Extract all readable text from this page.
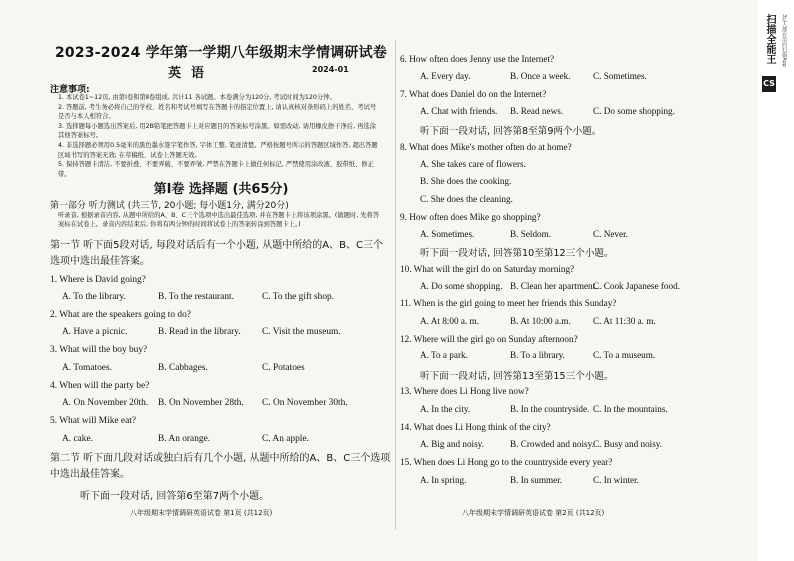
2023-2024 学年第一学期八年级期末学情调研试卷
英语	2024-01
注意事项:
1. 本试卷1~12页, 由第Ⅰ卷和第Ⅱ卷组成, 共计11 各试题。本卷满分为120分, 考试时间为120分钟。
2. 答题前, 考生务必将自己的学校、姓名和考试号填写在答题卡的指定位置上, 请认真核对条形码上的姓名、考试号是否与本人相符合。
3. 选择题每小题选出答案后, 用2B铅笔把答题卡上对应题目的答案标号涂黑。如需改动, 请用橡皮擦干净后, 再选涂其他答案标号。
4. 非选择题必须用0.5毫米的黑色墨水签字笔作答, 字体工整, 笔迹清楚。严格按题号所示的答题区域作答, 超出答题区域书写的答案无效; 在草稿纸、试卷上答题无效。
5. 保持答题卡清洁, 不要折叠、不要弄破、不要弄皱, 严禁在答题卡上做任何标记, 严禁使用涂改液、胶带纸、修正带。
第Ⅰ卷 选择题 (共65分)
第一部分 听力测试 (共三节, 20小题; 每小题1分, 满分20分)
听录音, 根据录音内容, 从题中所给的A、B、C三个选项中选出最佳选项, 并在答题卡上将该项涂黑。(做题时, 先将答案标在试卷上。录音内容结束后, 你将有两分钟的时间将试卷上的答案转涂到答题卡上。)
第一节 听下面5段对话, 每段对话后有一个小题, 从题中所给的A、B、C三个选项中选出最佳答案。
1. Where is David going?
A. To the library.	B. To the restaurant.	C. To the gift shop.
2. What are the speakers going to do?
A. Have a picnic.	B. Read in the library. C. Visit the museum.
3. What will the boy buy?
A. Tomatoes.	B. Cabbages.	C. Potatoes
4. When will the party be?
A. On November 20th. B. On November 28th. C. On November 30th.
5. What will Mike eat?
A. cake.	B. An orange.	C. An apple.
第二节 听下面几段对话或独白后有几个小题, 从题中所给的A、B、C三个选项中选出最佳答案。
听下面一段对话, 回答第6至第7两个小题。
八年级期末学情调研英语试卷 第1页 (共12页)
6. How often does Jenny use the Internet?
A. Every day.	B. Once a week. C. Sometimes.
7. What does Daniel do on the Internet?
A. Chat with friends. B. Read news.	C. Do some shopping.
听下面一段对话, 回答第8至第9两个小题。
8. What does Mike's mother often do at home?
A. She takes care of flowers.
B. She does the cooking.
C. She does the cleaning.
9. How often does Mike go shopping?
A. Sometimes.	B. Seldom.	C. Never.
听下面一段对话, 回答第10至第12三个小题。
10. What will the girl do on Saturday morning?
A. Do some shopping. B. Clean her apartment.
C. Cook Japanese food.
11. When is the girl going to meet her friends this Sunday?
A. At 8:00 a. m.	B. At 10:00 a.m. C. At 11:30 a. m.
12. Where will the girl go on Sunday afternoon?
A. To a park.	B. To a library.	C. To a museum.
听下面一段对话, 回答第13至第15三个小题。
13. Where does Li Hong live now?
A. In the city.	B. In the countryside. C. In the mountains.
14. What does Li Hong think of the city?
A. Big and noisy.	B. Crowded and noisy. C. Busy and noisy.
15. When does Li Hong go to the countryside every year?
A. In spring.	B. In summer.	C. In winter.
八年级期末学情调研英语试卷 第2页 (共12页)
扫描全能王
CS
3亿人都在用的扫描App
